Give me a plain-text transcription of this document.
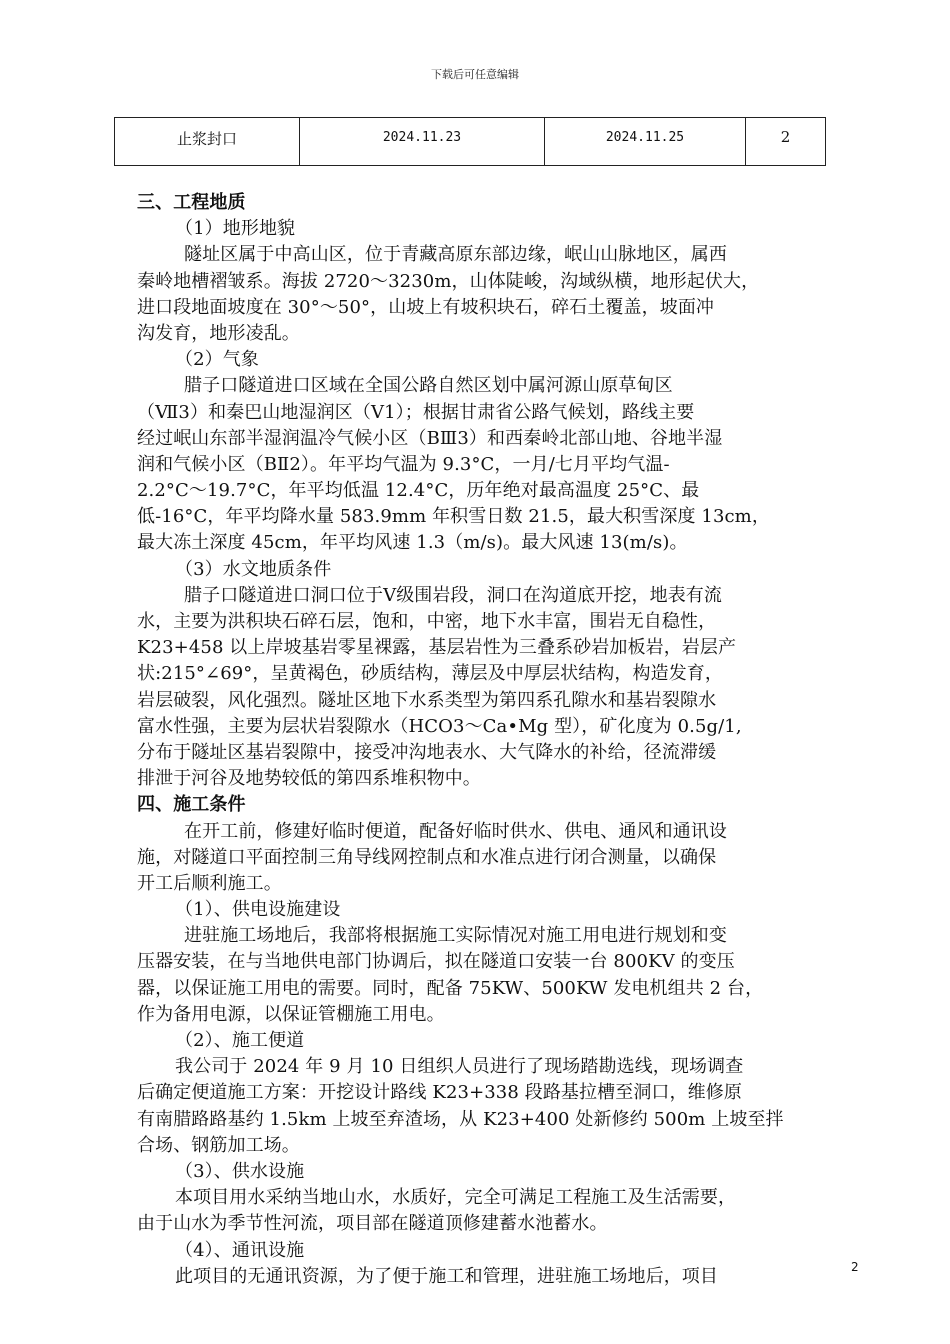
下载后可任意编辑
止浆封口	2024.11.23	2024.11.25	2
三、工程地质
（1）地形地貌
隧址区属于中高山区，位于青藏高原东部边缘，岷山山脉地区，属西
秦岭地槽褶皱系。海拔 2720～3230m，山体陡峻，沟域纵横，地形起伏大，
进口段地面坡度在 30°～50°，山坡上有坡积块石，碎石土覆盖，坡面冲
沟发育，地形凌乱。
（2）气象
腊子口隧道进口区域在全国公路自然区划中属河源山原草甸区
（Ⅶ3）和秦巴山地湿润区（Ⅴ1）；根据甘肃省公路气候划，路线主要
经过岷山东部半湿润温冷气候小区（BⅢ3）和西秦岭北部山地、谷地半湿
润和气候小区（BⅡ2）。年平均气温为 9.3°C，一月/七月平均气温-
2.2°C～19.7°C，年平均低温 12.4°C，历年绝对最高温度 25°C、最
低-16°C，年平均降水量 583.9mm 年积雪日数 21.5，最大积雪深度 13cm，
最大冻土深度 45cm，年平均风速 1.3（m/s)。最大风速 13(m/s)。
（3）水文地质条件
腊子口隧道进口洞口位于Ⅴ级围岩段，洞口在沟道底开挖，地表有流
水，主要为洪积块石碎石层，饱和，中密，地下水丰富，围岩无自稳性，
K23+458 以上岸坡基岩零星裸露，基层岩性为三叠系砂岩加板岩，岩层产
状:215°∠69°，呈黄褐色，砂质结构，薄层及中厚层状结构，构造发育，
岩层破裂，风化强烈。隧址区地下水系类型为第四系孔隙水和基岩裂隙水
富水性强，主要为层状岩裂隙水（HCO3～Ca•Mg 型），矿化度为 0.5g/1,
分布于隧址区基岩裂隙中，接受冲沟地表水、大气降水的补给，径流滞缓
排泄于河谷及地势较低的第四系堆积物中。
四、施工条件
在开工前，修建好临时便道，配备好临时供水、供电、通风和通讯设
施，对隧道口平面控制三角导线网控制点和水准点进行闭合测量，以确保
开工后顺利施工。
（1）、供电设施建设
进驻施工场地后，我部将根据施工实际情况对施工用电进行规划和变
压器安装，在与当地供电部门协调后，拟在隧道口安装一台 800KV 的变压
器，以保证施工用电的需要。同时，配备 75KW、500KW 发电机组共 2 台，
作为备用电源，以保证管棚施工用电。
（2）、施工便道
我公司于 2024 年 9 月 10 日组织人员进行了现场踏勘选线，现场调查
后确定便道施工方案：开挖设计路线 K23+338 段路基拉槽至洞口，维修原
有南腊路路基约 1.5km 上坡至弃渣场，从 K23+400 处新修约 500m 上坡至拌
合场、钢筋加工场。
（3）、供水设施
本项目用水采纳当地山水，水质好，完全可满足工程施工及生活需要，
由于山水为季节性河流，项目部在隧道顶修建蓄水池蓄水。
（4）、通讯设施
此项目的无通讯资源，为了便于施工和管理，进驻施工场地后，项目	2
